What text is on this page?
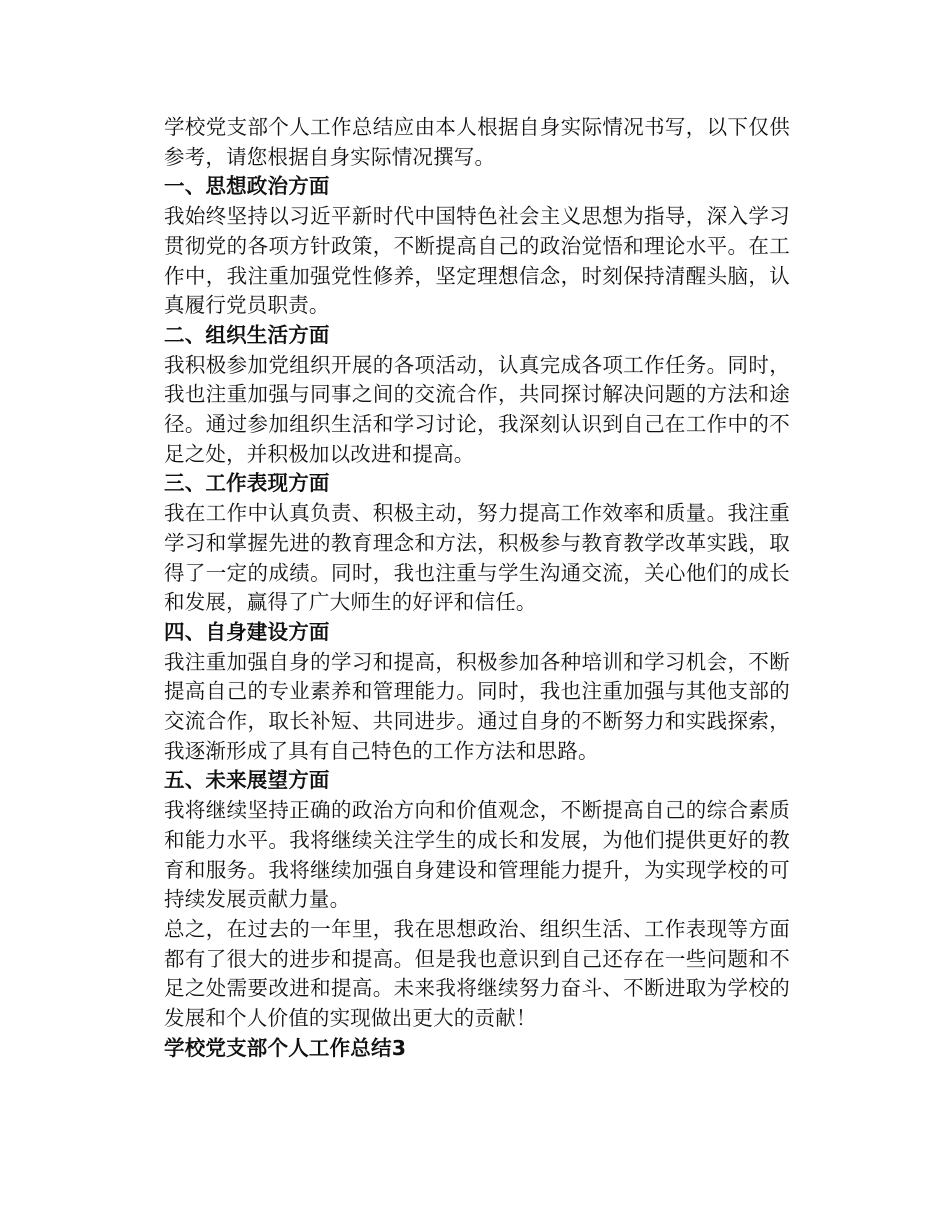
学校党支部个人工作总结应由本人根据自身实际情况书写，以下仅供参考，请您根据自身实际情况撰写。

一、思想政治方面

我始终坚持以习近平新时代中国特色社会主义思想为指导，深入学习贯彻党的各项方针政策，不断提高自己的政治觉悟和理论水平。在工作中，我注重加强党性修养，坚定理想信念，时刻保持清醒头脑，认真履行党员职责。

二、组织生活方面

我积极参加党组织开展的各项活动，认真完成各项工作任务。同时，我也注重加强与同事之间的交流合作，共同探讨解决问题的方法和途径。通过参加组织生活和学习讨论，我深刻认识到自己在工作中的不足之处，并积极加以改进和提高。

三、工作表现方面

我在工作中认真负责、积极主动，努力提高工作效率和质量。我注重学习和掌握先进的教育理念和方法，积极参与教育教学改革实践，取得了一定的成绩。同时，我也注重与学生沟通交流，关心他们的成长和发展，赢得了广大师生的好评和信任。

四、自身建设方面

我注重加强自身的学习和提高，积极参加各种培训和学习机会，不断提高自己的专业素养和管理能力。同时，我也注重加强与其他支部的交流合作，取长补短、共同进步。通过自身的不断努力和实践探索，我逐渐形成了具有自己特色的工作方法和思路。

五、未来展望方面

我将继续坚持正确的政治方向和价值观念，不断提高自己的综合素质和能力水平。我将继续关注学生的成长和发展，为他们提供更好的教育和服务。我将继续加强自身建设和管理能力提升，为实现学校的可持续发展贡献力量。

总之，在过去的一年里，我在思想政治、组织生活、工作表现等方面都有了很大的进步和提高。但是我也意识到自己还存在一些问题和不足之处需要改进和提高。未来我将继续努力奋斗、不断进取为学校的发展和个人价值的实现做出更大的贡献！

学校党支部个人工作总结3
